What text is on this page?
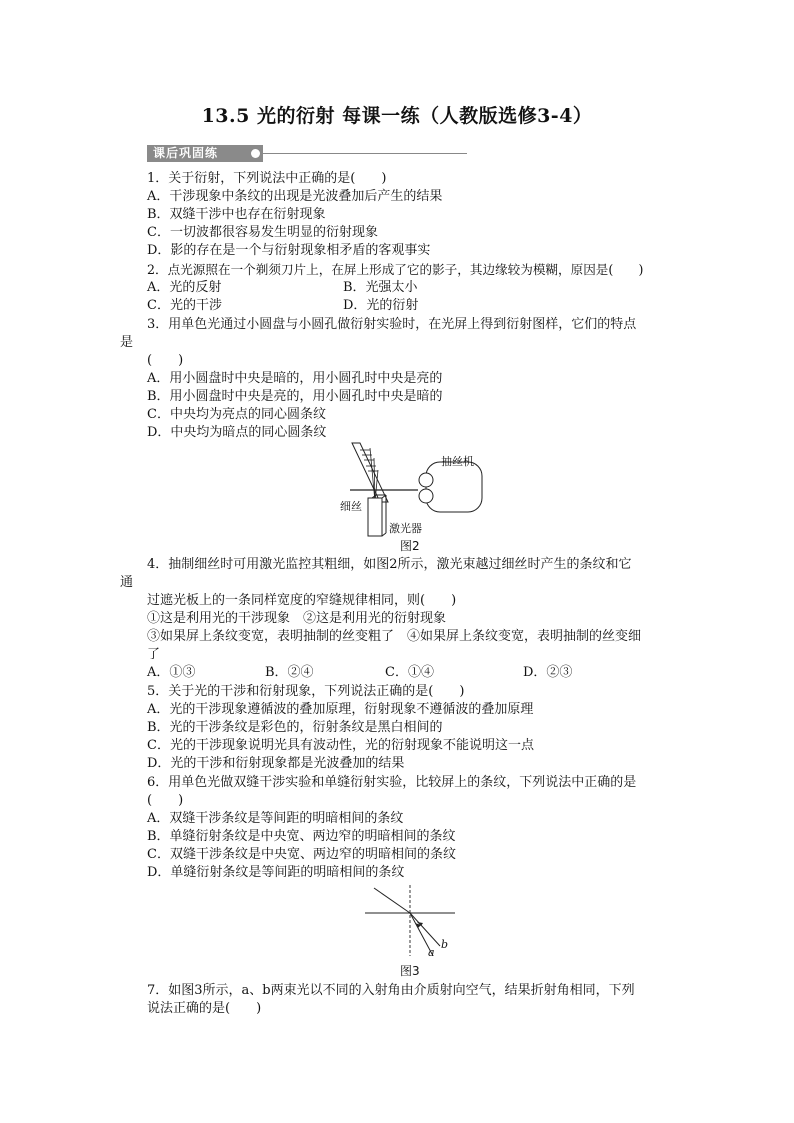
13.5 光的衍射 每课一练（人教版选修3-4）
课后巩固练
1．关于衍射，下列说法中正确的是(　　)
A．干涉现象中条纹的出现是光波叠加后产生的结果
B．双缝干涉中也存在衍射现象
C．一切波都很容易发生明显的衍射现象
D．影的存在是一个与衍射现象相矛盾的客观事实
2．点光源照在一个剃须刀片上，在屏上形成了它的影子，其边缘较为模糊，原因是(　　)
A．光的反射	B．光强太小
C．光的干涉	D．光的衍射
3．用单色光通过小圆盘与小圆孔做衍射实验时，在光屏上得到衍射图样，它们的特点
是
(　　)
A．用小圆盘时中央是暗的，用小圆孔时中央是亮的
B．用小圆盘时中央是亮的，用小圆孔时中央是暗的
C．中央均为亮点的同心圆条纹
D．中央均为暗点的同心圆条纹
抽丝机
细丝
激光器
图2
4．抽制细丝时可用激光监控其粗细，如图2所示，激光束越过细丝时产生的条纹和它
通
过遮光板上的一条同样宽度的窄缝规律相同，则(　　)
①这是利用光的干涉现象　②这是利用光的衍射现象
③如果屏上条纹变宽，表明抽制的丝变粗了　④如果屏上条纹变宽，表明抽制的丝变细
了
A．①③	B．②④	C．①④	D．②③
5．关于光的干涉和衍射现象，下列说法正确的是(　　)
A．光的干涉现象遵循波的叠加原理，衍射现象不遵循波的叠加原理
B．光的干涉条纹是彩色的，衍射条纹是黑白相间的
C．光的干涉现象说明光具有波动性，光的衍射现象不能说明这一点
D．光的干涉和衍射现象都是光波叠加的结果
6．用单色光做双缝干涉实验和单缝衍射实验，比较屏上的条纹，下列说法中正确的是
(　　)
A．双缝干涉条纹是等间距的明暗相间的条纹
B．单缝衍射条纹是中央宽、两边窄的明暗相间的条纹
C．双缝干涉条纹是中央宽、两边窄的明暗相间的条纹
D．单缝衍射条纹是等间距的明暗相间的条纹
a
b
图3
7．如图3所示，a、b两束光以不同的入射角由介质射向空气，结果折射角相同，下列
说法正确的是(　　)
